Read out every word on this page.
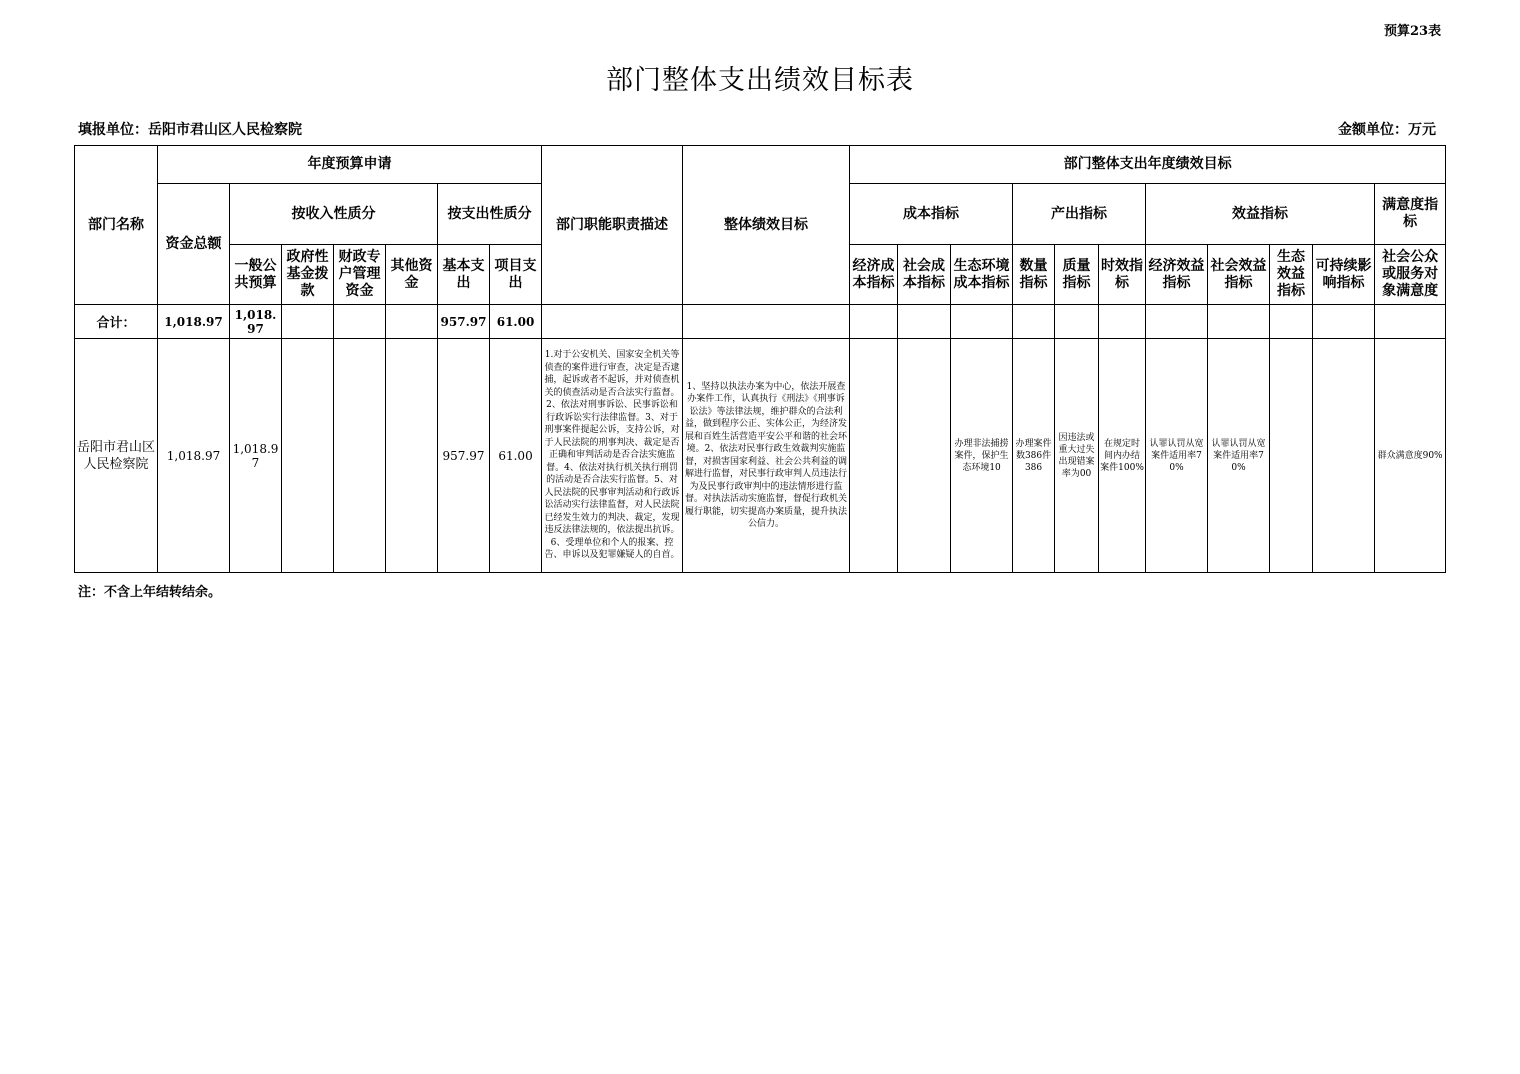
预算23表
部门整体支出绩效目标表
填报单位：岳阳市君山区人民检察院	金额单位：万元
部门名称	年度预算申请							部门职能职责描述	整体绩效目标	部门整体支出年度绩效目标										
	资金总额	按收入性质分				按支出性质分				成本指标			产出指标			效益指标				满意度指标
		一般公共预算	政府性基金拨款	财政专户管理资金	其他资金	基本支出	项目支出			经济成本指标	社会成本指标	生态环境成本指标	数量指标	质量指标	时效指标	经济效益指标	社会效益指标	生态效益指标	可持续影响指标	社会公众或服务对象满意度
合计：	1,018.97	1,018.97				957.97	61.00													
岳阳市君山区人民检察院	1,018.97	1,018.97				957.97	61.00	1.对于公安机关、国家安全机关等侦查的案件进行审查，决定是否逮捕，起诉或者不起诉，并对侦查机关的侦查活动是否合法实行监督。2、依法对刑事诉讼、民事诉讼和行政诉讼实行法律监督。3、对于刑事案件提起公诉，支持公诉，对于人民法院的刑事判决、裁定是否正确和审判活动是否合法实施监督。4、依法对执行机关执行刑罚的活动是否合法实行监督。5、对人民法院的民事审判活动和行政诉讼活动实行法律监督，对人民法院已经发生效力的判决、裁定，发现违反法律法规的，依法提出抗诉。6、受理单位和个人的报案、控告、申诉以及犯罪嫌疑人的自首。	1、坚持以执法办案为中心，依法开展查办案件工作，认真执行《刑法》《刑事诉讼法》等法律法规，维护群众的合法利益，做到程序公正、实体公正，为经济发展和百姓生活营造平安公平和谐的社会环境。2、依法对民事行政生效裁判实施监督，对损害国家利益、社会公共利益的调解进行监督，对民事行政审判人员违法行为及民事行政审判中的违法情形进行监督。对执法活动实施监督，督促行政机关履行职能，切实提高办案质量，提升执法公信力。			办理非法捕捞案件，保护生态环境10	办理案件数386件386	因违法或重大过失出现错案率为00	在规定时间内办结案件100%	认罪认罚从宽案件适用率70%	认罪认罚从宽案件适用率70%			群众满意度90%
注：不含上年结转结余。
